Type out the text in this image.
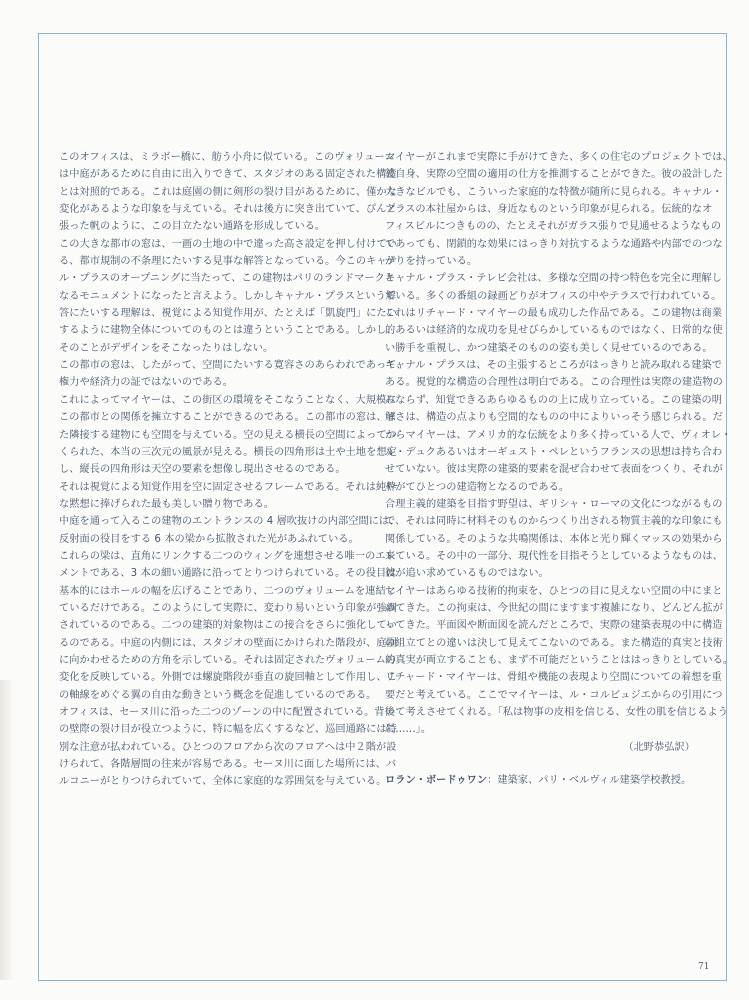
このオフィスは、ミラボー橋に、舫う小舟に似ている。このヴォリューム
は中庭があるために自由に出入りできて、スタジオのある固定された構造
とは対照的である。これは庭園の側に剣形の裂け目があるために、僅かな
変化があるような印象を与えている。それは後方に突き出ていて、ぴんと
張った帆のように、この目立たない通路を形成している。
この大きな都市の窓は、一画の土地の中で違った高さ設定を押し付けてい
る、都市規制の不条理にたいする見事な解答となっている。今このキャナ
ル・プラスのオープニングに当たって、この建物はパリのランドマークと
なるモニュメントになったと言えよう。しかしキャナル・プラスという解
答にたいする理解は、視覚による知覚作用が、たとえば「凱旋門」にたい
するように建物全体についてのものとは違うということである。しかし、
そのことがデザインをそこなったりはしない。
この都市の窓は、したがって、空間にたいする寛容さのあらわれであって、
権力や経済力の証ではないのである。
これによってマイヤーは、この街区の環境をそこなうことなく、大規模に
この都市との関係を擁立することができるのである。この都市の窓は、ま
た隣接する建物にも空間を与えている。空の見える横長の空間によってつ
くられた、本当の三次元の風景が見える。横長の四角形は土や土地を想定
し、縦長の四角形は天空の要素を想像し現出させるのである。
それは視覚による知覚作用を空に固定させるフレームである。それは純粋
な黙想に捧げられた最も美しい贈り物である。
中庭を通って入るこの建物のエントランスの 4 層吹抜けの内部空間には、
反射面の役目をする 6 本の梁から拡散された光があふれている。
これらの梁は、直角にリンクする二つのウィングを連想させる唯一のエレ
メントである、3 本の細い通路に沿ってとりつけられている。その役目は
基本的にはホールの幅を広げることであり、二つのヴォリュームを連結し
ているだけである。このようにして実際に、変わり易いという印象が強調
されているのである。二つの建築的対象物はこの接合をさらに強化してい
るのである。中庭の内側には、スタジオの壁面にかけられた階段が、庭園
に向かわせるための方角を示している。それは固定されたヴォリュームの
変化を反映している。外側では螺旋階段が垂直の旋回軸として作用し、こ
の軸線をめぐる翼の自由な動きという概念を促進しているのである。
オフィスは、セーヌ川に沿った二つのゾーンの中に配置されている。背後
の壁際の裂け目が役立つように、特に幅を広くするなど、巡回通路には特
別な注意が払われている。ひとつのフロアから次のフロアへは中２階が設
けられて、各階層間の往来が容易である。セーヌ川に面した場所には、バ
ルコニーがとりつけられていて、全体に家庭的な雰囲気を与えている。
マイヤーがこれまで実際に手がけてきた、多くの住宅のプロジェクトでは、
彼自身、実際の空間の適用の仕方を推測することができた。彼の設計した
大きなビルでも、こういった家庭的な特徴が随所に見られる。キャナル・
プラスの本社屋からは、身近なものという印象が見られる。伝統的なオ
フィスビルにつきものの、たとえそれがガラス張りで見通せるようなもの
であっても、閉鎖的な効果にはっきり対抗するような通路や内部でのつな
がりを持っている。
キャナル・プラス・テレビ会社は、多様な空間の持つ特色を完全に理解し
ている。多くの番組の録画どりがオフィスの中やテラスで行われている。
これはリチャード・マイヤーの最も成功した作品である。この建物は商業
的あるいは経済的な成功を見せびらかしているものではなく、日常的な使
い勝手を重視し、かつ建築そのものの姿も美しく見せているのである。
キャナル・プラスは、その主張するところがはっきりと読み取れる建築で
ある。視覚的な構造の合理性は明白である。この合理性は実際の建造物の
みならず、知覚できるあらゆるものの上に成り立っている。この建築の明
解さは、構造の点よりも空間的なものの中によりいっそう感じられる。だ
からマイヤーは、アメリカ的な伝統をより多く持っている人で、ヴィオレ・
ル・デュクあるいはオーギュスト・ペレというフランスの思想は持ち合わ
せていない。彼は実際の建築的要素を混ぜ合わせて表面をつくり、それが
やがてひとつの建造物となるのである。
合理主義的建築を目指す野望は、ギリシャ・ローマの文化につながるもの
で、それは同時に材料そのものからつくり出される物質主義的な印象にも
関係している。そのような共鳴関係は、本体と光り輝くマッスの効果から
来ている。その中の一部分、現代性を目指そうとしているようなものは、
彼が追い求めているものではない。
マイヤーはあらゆる技術的拘束を、ひとつの目に見えない空間の中にまと
めてきた。この拘束は、今世紀の間にますます複雑になり、どんどん拡が
ってきた。平面図や断面図を読んだところで、実際の建築表現の中に構造
の組立てとの違いは決して見えてこないのである。また構造的真実と技術
的真実が両立することも、まず不可能だということははっきりとしている。
リチャード・マイヤーは、骨組や機能の表現より空間についての着想を重
要だと考えている。ここでマイヤーは、ル・コルビュジエからの引用につ
いて考えさせてくれる。「私は物事の皮相を信じる、女性の肌を信じるよう
に……」。
（北野恭弘訳）
ロラン・ボードゥワン：建築家、パリ・ベルヴィル建築学校教授。
71
